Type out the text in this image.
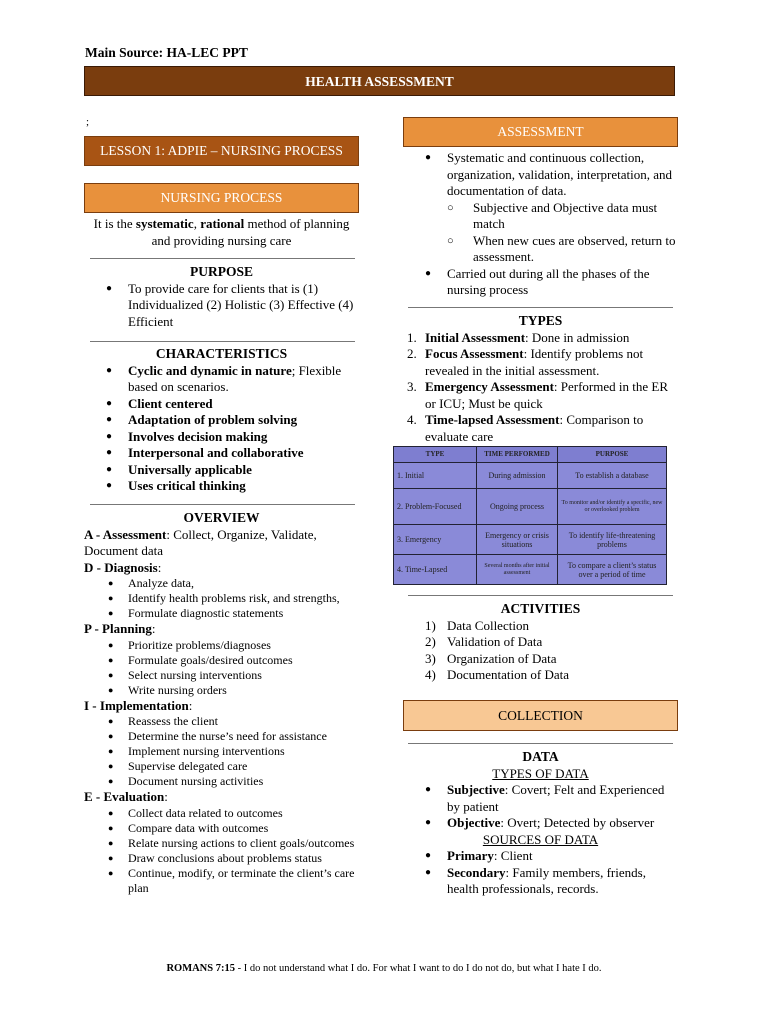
Main Source: HA-LEC PPT
HEALTH ASSESSMENT
;
LESSON 1: ADPIE – NURSING PROCESS
NURSING PROCESS
It is the systematic, rational method of planning and providing nursing care
PURPOSE
● To provide care for clients that is (1) Individualized (2) Holistic (3) Effective (4) Efficient
CHARACTERISTICS
● Cyclic and dynamic in nature; Flexible based on scenarios.
● Client centered
● Adaptation of problem solving
● Involves decision making
● Interpersonal and collaborative
● Universally applicable
● Uses critical thinking
OVERVIEW
A - Assessment: Collect, Organize, Validate, Document data
D - Diagnosis:
● Analyze data,
● Identify health problems risk, and strengths,
● Formulate diagnostic statements
P - Planning:
● Prioritize problems/diagnoses
● Formulate goals/desired outcomes
● Select nursing interventions
● Write nursing orders
I - Implementation:
● Reassess the client
● Determine the nurse’s need for assistance
● Implement nursing interventions
● Supervise delegated care
● Document nursing activities
E - Evaluation:
● Collect data related to outcomes
● Compare data with outcomes
● Relate nursing actions to client goals/outcomes
● Draw conclusions about problems status
● Continue, modify, or terminate the client’s care plan
ASSESSMENT
● Systematic and continuous collection, organization, validation, interpretation, and documentation of data.
○ Subjective and Objective data must match
○ When new cues are observed, return to assessment.
● Carried out during all the phases of the nursing process
TYPES
1. Initial Assessment: Done in admission
2. Focus Assessment: Identify problems not revealed in the initial assessment.
3. Emergency Assessment: Performed in the ER or ICU; Must be quick
4. Time-lapsed Assessment: Comparison to evaluate care
TYPE	TIME PERFORMED	PURPOSE
1. Initial	During admission	To establish a database
2. Problem-Focused	Ongoing process	To monitor and/or identify a specific, new or overlooked problem
3. Emergency	Emergency or crisis situations	To identify life-threatening problems
4. Time-Lapsed	Several months after initial assessment	To compare a client’s status over a period of time
ACTIVITIES
1) Data Collection
2) Validation of Data
3) Organization of Data
4) Documentation of Data
COLLECTION
DATA
TYPES OF DATA
● Subjective: Covert; Felt and Experienced by patient
● Objective: Overt; Detected by observer
SOURCES OF DATA
● Primary: Client
● Secondary: Family members, friends, health professionals, records.
ROMANS 7:15 - I do not understand what I do. For what I want to do I do not do, but what I hate I do.
